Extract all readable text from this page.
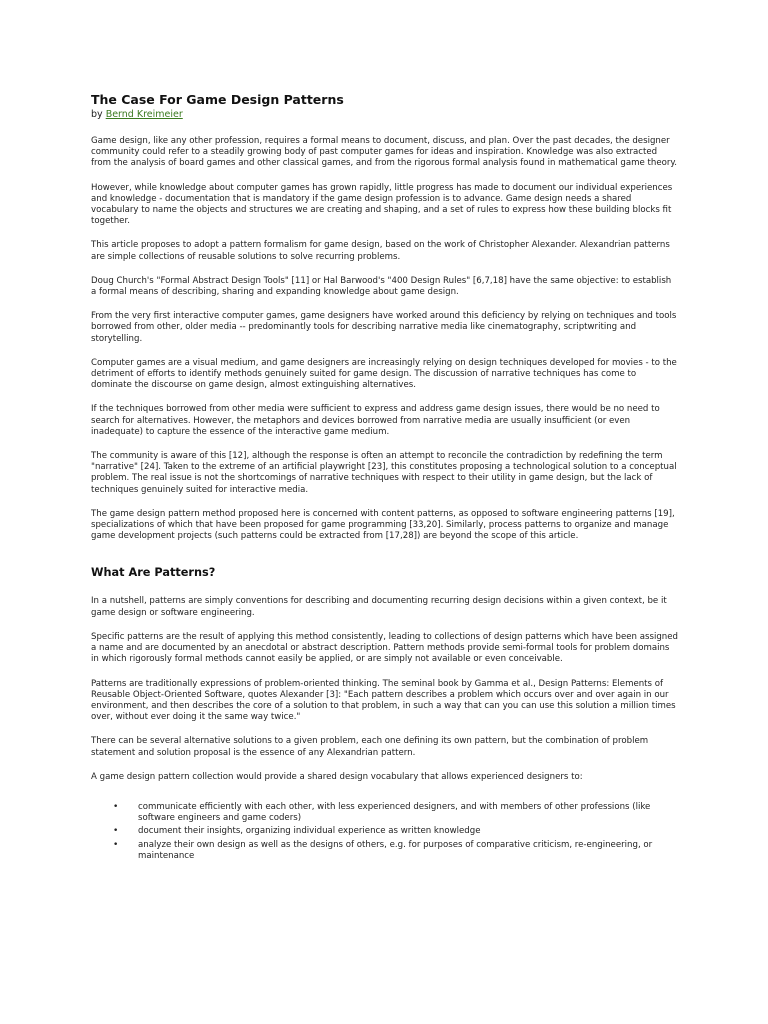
The Case For Game Design Patterns
by Bernd Kreimeier

Game design, like any other profession, requires a formal means to document, discuss, and plan. Over the past decades, the designer community could refer to a steadily growing body of past computer games for ideas and inspiration. Knowledge was also extracted from the analysis of board games and other classical games, and from the rigorous formal analysis found in mathematical game theory.

However, while knowledge about computer games has grown rapidly, little progress has made to document our individual experiences and knowledge - documentation that is mandatory if the game design profession is to advance. Game design needs a shared vocabulary to name the objects and structures we are creating and shaping, and a set of rules to express how these building blocks fit together.

This article proposes to adopt a pattern formalism for game design, based on the work of Christopher Alexander. Alexandrian patterns are simple collections of reusable solutions to solve recurring problems.

Doug Church's "Formal Abstract Design Tools" [11] or Hal Barwood's "400 Design Rules" [6,7,18] have the same objective: to establish a formal means of describing, sharing and expanding knowledge about game design.

From the very first interactive computer games, game designers have worked around this deficiency by relying on techniques and tools borrowed from other, older media -- predominantly tools for describing narrative media like cinematography, scriptwriting and storytelling.

Computer games are a visual medium, and game designers are increasingly relying on design techniques developed for movies - to the detriment of efforts to identify methods genuinely suited for game design. The discussion of narrative techniques has come to dominate the discourse on game design, almost extinguishing alternatives.

If the techniques borrowed from other media were sufficient to express and address game design issues, there would be no need to search for alternatives. However, the metaphors and devices borrowed from narrative media are usually insufficient (or even inadequate) to capture the essence of the interactive game medium.

The community is aware of this [12], although the response is often an attempt to reconcile the contradiction by redefining the term "narrative" [24]. Taken to the extreme of an artificial playwright [23], this constitutes proposing a technological solution to a conceptual problem. The real issue is not the shortcomings of narrative techniques with respect to their utility in game design, but the lack of techniques genuinely suited for interactive media.

The game design pattern method proposed here is concerned with content patterns, as opposed to software engineering patterns [19], specializations of which that have been proposed for game programming [33,20]. Similarly, process patterns to organize and manage game development projects (such patterns could be extracted from [17,28]) are beyond the scope of this article.

What Are Patterns?

In a nutshell, patterns are simply conventions for describing and documenting recurring design decisions within a given context, be it game design or software engineering.

Specific patterns are the result of applying this method consistently, leading to collections of design patterns which have been assigned a name and are documented by an anecdotal or abstract description. Pattern methods provide semi-formal tools for problem domains in which rigorously formal methods cannot easily be applied, or are simply not available or even conceivable.

Patterns are traditionally expressions of problem-oriented thinking. The seminal book by Gamma et al., Design Patterns: Elements of Reusable Object-Oriented Software, quotes Alexander [3]: "Each pattern describes a problem which occurs over and over again in our environment, and then describes the core of a solution to that problem, in such a way that can you can use this solution a million times over, without ever doing it the same way twice."

There can be several alternative solutions to a given problem, each one defining its own pattern, but the combination of problem statement and solution proposal is the essence of any Alexandrian pattern.

A game design pattern collection would provide a shared design vocabulary that allows experienced designers to:

• communicate efficiently with each other, with less experienced designers, and with members of other professions (like software engineers and game coders)
• document their insights, organizing individual experience as written knowledge
• analyze their own design as well as the designs of others, e.g. for purposes of comparative criticism, re-engineering, or maintenance
